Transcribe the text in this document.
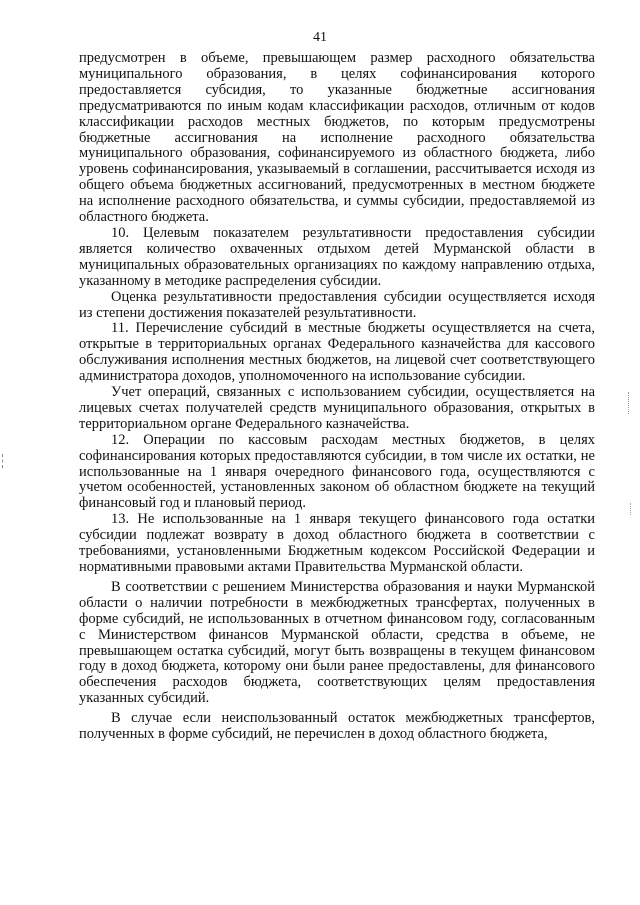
41

предусмотрен в объеме, превышающем размер расходного обязательства муниципального образования, в целях софинансирования которого предоставляется субсидия, то указанные бюджетные ассигнования предусматриваются по иным кодам классификации расходов, отличным от кодов классификации расходов местных бюджетов, по которым предусмотрены бюджетные ассигнования на исполнение расходного обязательства муниципального образования, софинансируемого из областного бюджета, либо уровень софинансирования, указываемый в соглашении, рассчитывается исходя из общего объема бюджетных ассигнований, предусмотренных в местном бюджете на исполнение расходного обязательства, и суммы субсидии, предоставляемой из областного бюджета.

10. Целевым показателем результативности предоставления субсидии является количество охваченных отдыхом детей Мурманской области в муниципальных образовательных организациях по каждому направлению отдыха, указанному в методике распределения субсидии.

Оценка результативности предоставления субсидии осуществляется исходя из степени достижения показателей результативности.

11. Перечисление субсидий в местные бюджеты осуществляется на счета, открытые в территориальных органах Федерального казначейства для кассового обслуживания исполнения местных бюджетов, на лицевой счет соответствующего администратора доходов, уполномоченного на использование субсидии.

Учет операций, связанных с использованием субсидии, осуществляется на лицевых счетах получателей средств муниципального образования, открытых в территориальном органе Федерального казначейства.

12. Операции по кассовым расходам местных бюджетов, в целях софинансирования которых предоставляются субсидии, в том числе их остатки, не использованные на 1 января очередного финансового года, осуществляются с учетом особенностей, установленных законом об областном бюджете на текущий финансовый год и плановый период.

13. Не использованные на 1 января текущего финансового года остатки субсидии подлежат возврату в доход областного бюджета в соответствии с требованиями, установленными Бюджетным кодексом Российской Федерации и нормативными правовыми актами Правительства Мурманской области.

В соответствии с решением Министерства образования и науки Мурманской области о наличии потребности в межбюджетных трансфертах, полученных в форме субсидий, не использованных в отчетном финансовом году, согласованным с Министерством финансов Мурманской области, средства в объеме, не превышающем остатка субсидий, могут быть возвращены в текущем финансовом году в доход бюджета, которому они были ранее предоставлены, для финансового обеспечения расходов бюджета, соответствующих целям предоставления указанных субсидий.

В случае если неиспользованный остаток межбюджетных трансфертов, полученных в форме субсидий, не перечислен в доход областного бюджета,
